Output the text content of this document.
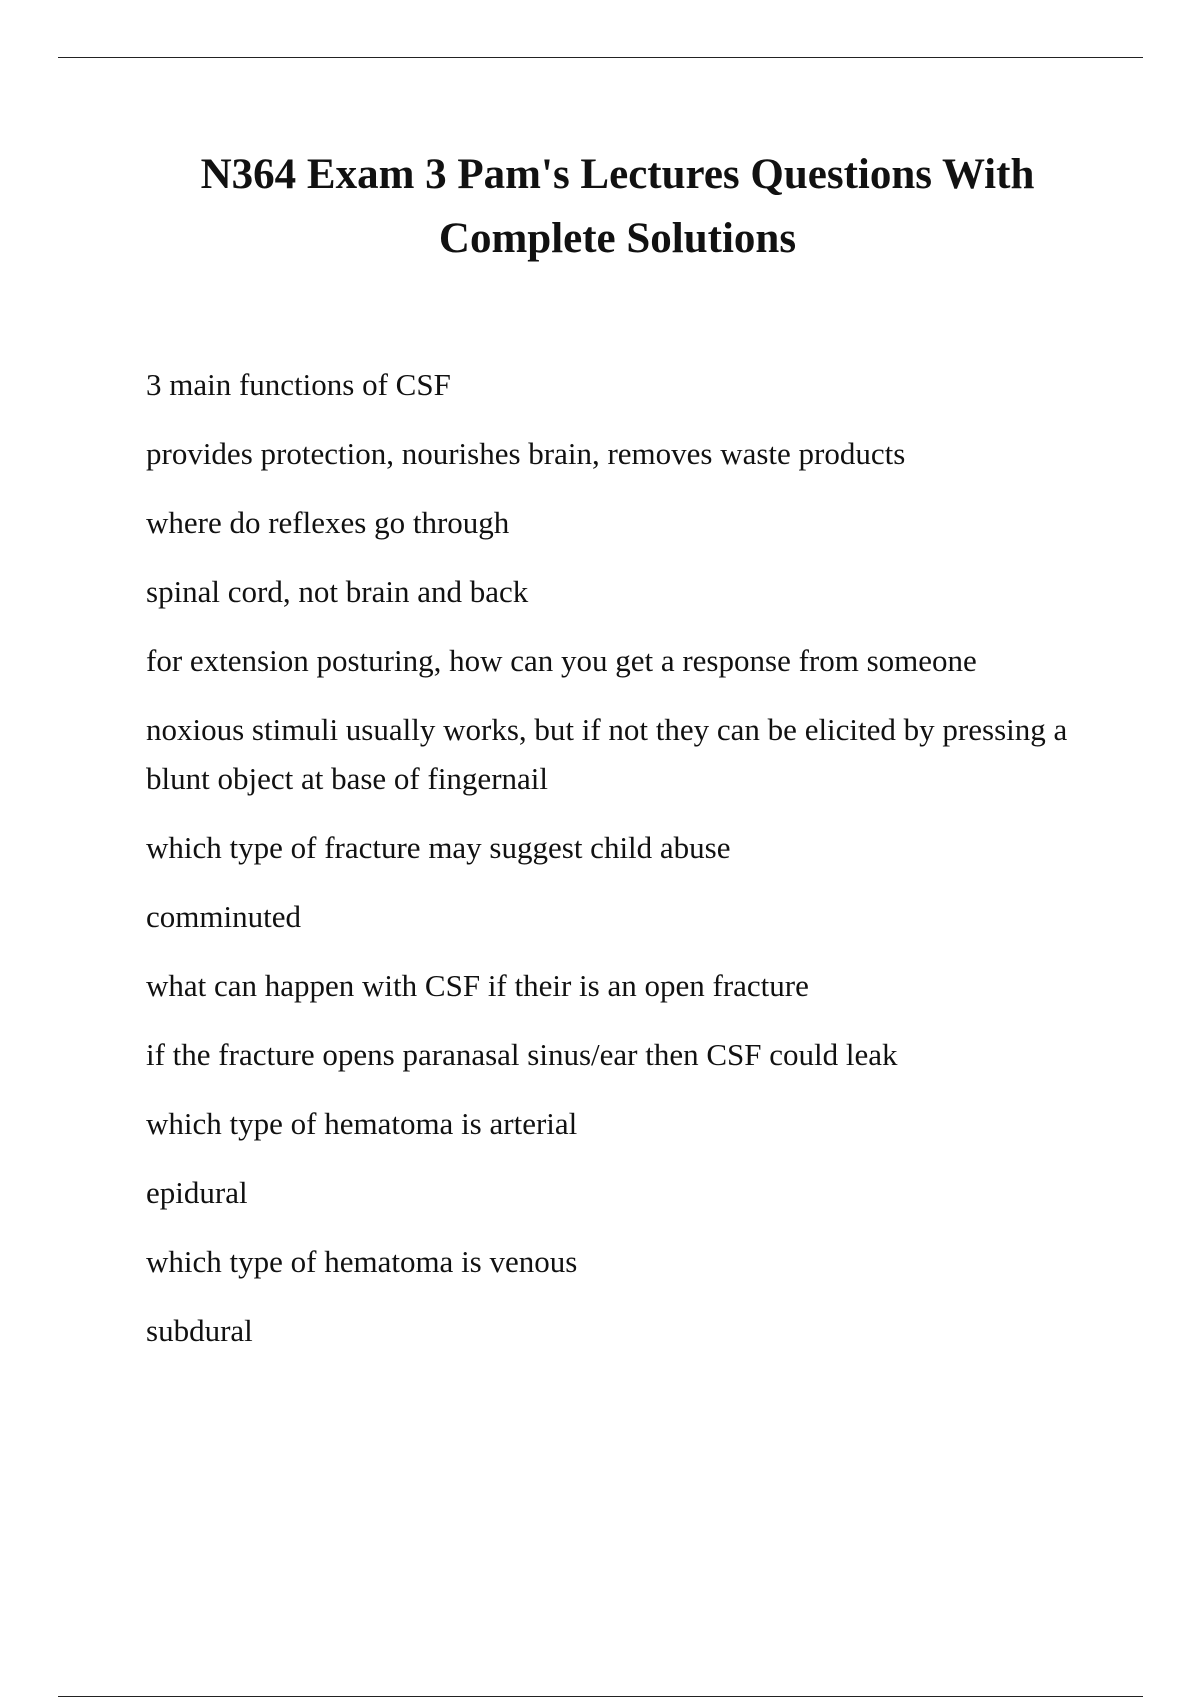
N364 Exam 3 Pam's Lectures Questions With Complete Solutions

3 main functions of CSF

provides protection, nourishes brain, removes waste products

where do reflexes go through

spinal cord, not brain and back

for extension posturing, how can you get a response from someone

noxious stimuli usually works, but if not they can be elicited by pressing a blunt object at base of fingernail

which type of fracture may suggest child abuse

comminuted

what can happen with CSF if their is an open fracture

if the fracture opens paranasal sinus/ear then CSF could leak

which type of hematoma is arterial

epidural

which type of hematoma is venous

subdural
